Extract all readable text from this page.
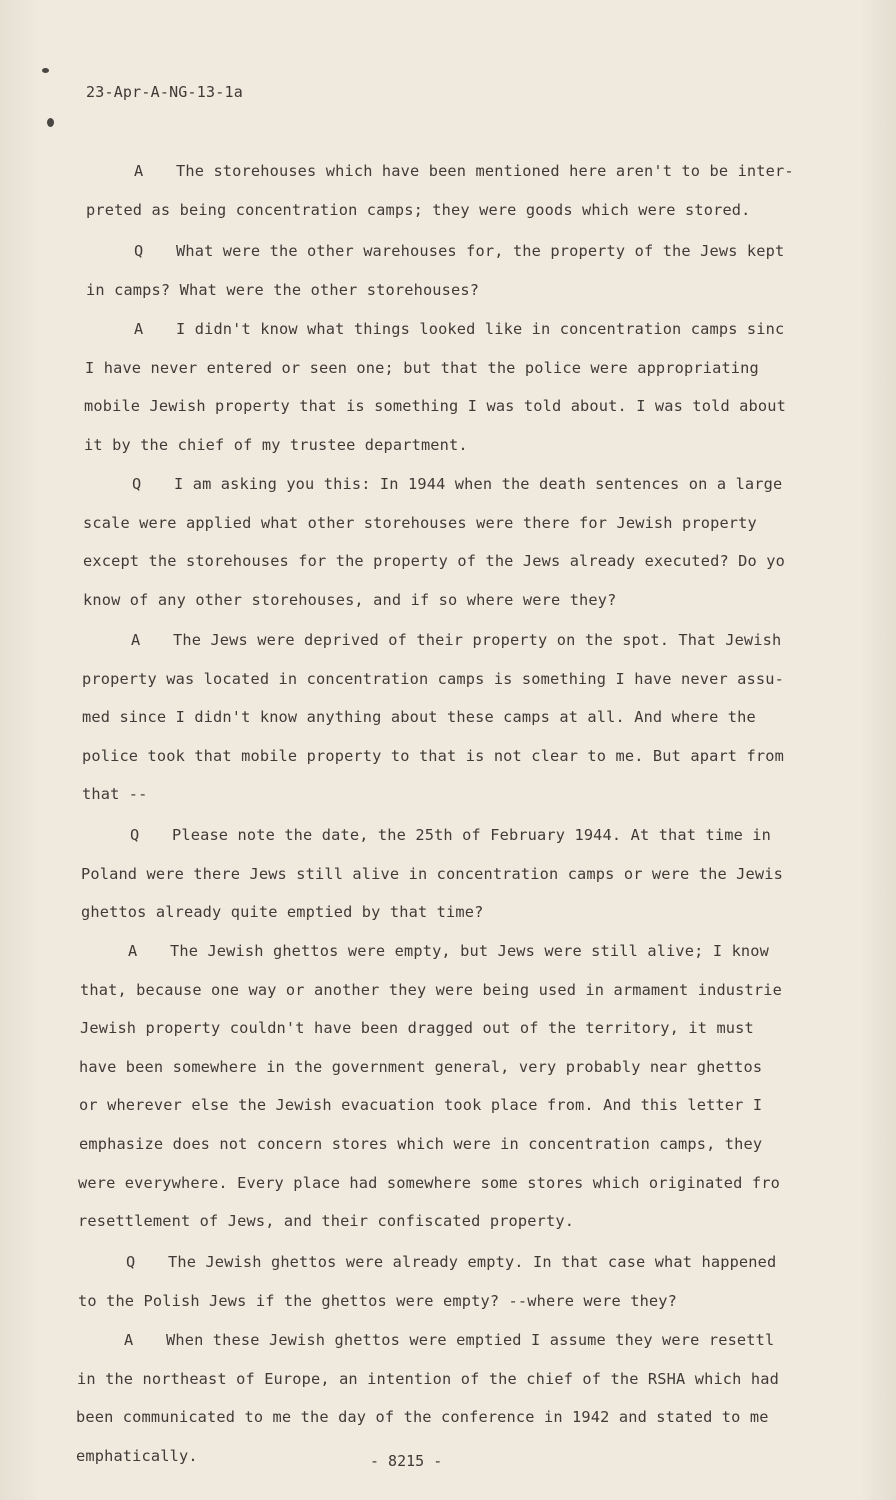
23-Apr-A-NG-13-1a
A The storehouses which have been mentioned here aren't to be inter-
preted as being concentration camps; they were goods which were stored.
Q What were the other warehouses for, the property of the Jews kept
in camps? What were the other storehouses?
A I didn't know what things looked like in concentration camps sinc
I have never entered or seen one; but that the police were appropriating
mobile Jewish property that is something I was told about. I was told about
it by the chief of my trustee department.
Q I am asking you this: In 1944 when the death sentences on a large
scale were applied what other storehouses were there for Jewish property
except the storehouses for the property of the Jews already executed? Do yo
know of any other storehouses, and if so where were they?
A The Jews were deprived of their property on the spot. That Jewish
property was located in concentration camps is something I have never assu-
med since I didn't know anything about these camps at all. And where the
police took that mobile property to that is not clear to me. But apart from
that --
Q Please note the date, the 25th of February 1944. At that time in
Poland were there Jews still alive in concentration camps or were the Jewis
ghettos already quite emptied by that time?
A The Jewish ghettos were empty, but Jews were still alive; I know
that, because one way or another they were being used in armament industrie
Jewish property couldn't have been dragged out of the territory, it must
have been somewhere in the government general, very probably near ghettos
or wherever else the Jewish evacuation took place from. And this letter I
emphasize does not concern stores which were in concentration camps, they
were everywhere. Every place had somewhere some stores which originated fro
resettlement of Jews, and their confiscated property.
Q The Jewish ghettos were already empty. In that case what happened
to the Polish Jews if the ghettos were empty? --where were they?
A When these Jewish ghettos were emptied I assume they were resettl
in the northeast of Europe, an intention of the chief of the RSHA which had
been communicated to me the day of the conference in 1942 and stated to me
emphatically.	- 8215 -
